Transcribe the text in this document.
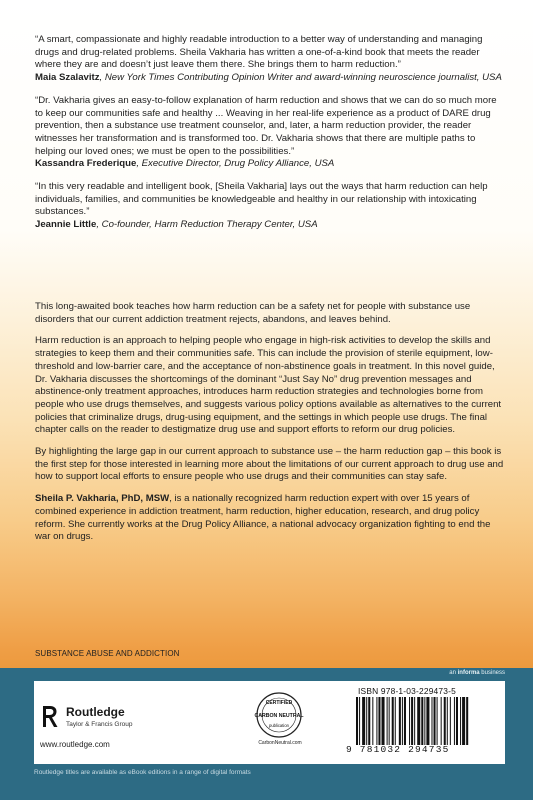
“A smart, compassionate and highly readable introduction to a better way of understanding and managing drugs and drug-related problems. Sheila Vakharia has written a one-of-a-kind book that meets the reader where they are and doesn’t just leave them there. She brings them to harm reduction.”
Maia Szalavitz, New York Times Contributing Opinion Writer and award-winning neuroscience journalist, USA
“Dr. Vakharia gives an easy-to-follow explanation of harm reduction and shows that we can do so much more to keep our communities safe and healthy ... Weaving in her real-life experience as a product of DARE drug prevention, then a substance use treatment counselor, and, later, a harm reduction provider, the reader witnesses her transformation and is transformed too. Dr. Vakharia shows that there are multiple paths to helping our loved ones; we must be open to the possibilities.”
Kassandra Frederique, Executive Director, Drug Policy Alliance, USA
“In this very readable and intelligent book, [Sheila Vakharia] lays out the ways that harm reduction can help individuals, families, and communities be knowledgeable and healthy in our relationship with intoxicating substances.”
Jeannie Little, Co-founder, Harm Reduction Therapy Center, USA

This long-awaited book teaches how harm reduction can be a safety net for people with substance use disorders that our current addiction treatment rejects, abandons, and leaves behind.

Harm reduction is an approach to helping people who engage in high-risk activities to develop the skills and strategies to keep them and their communities safe. This can include the provision of sterile equipment, low-threshold and low-barrier care, and the acceptance of non-abstinence goals in treatment. In this novel guide, Dr. Vakharia discusses the shortcomings of the dominant “Just Say No” drug prevention messages and abstinence-only treatment approaches, introduces harm reduction strategies and technologies borne from people who use drugs themselves, and suggests various policy options available as alternatives to the current policies that criminalize drugs, drug-using equipment, and the settings in which people use drugs. The final chapter calls on the reader to destigmatize drug use and support efforts to reform our drug policies.

By highlighting the large gap in our current approach to substance use – the harm reduction gap – this book is the first step for those interested in learning more about the limitations of our current approach to drug use and how to support local efforts to ensure people who use drugs and their communities can stay safe.

Sheila P. Vakharia, PhD, MSW, is a nationally recognized harm reduction expert with over 15 years of combined experience in addiction treatment, harm reduction, higher education, research, and drug policy reform. She currently works at the Drug Policy Alliance, a national advocacy organization fighting to end the war on drugs.

SUBSTANCE ABUSE AND ADDICTION
an informa business
Routledge
Taylor & Francis Group
www.routledge.com
CERTIFIED
CARBON NEUTRAL
publication
CarbonNeutral.com
ISBN 978-1-03-229473-5
9 781032 294735
Routledge titles are available as eBook editions in a range of digital formats
